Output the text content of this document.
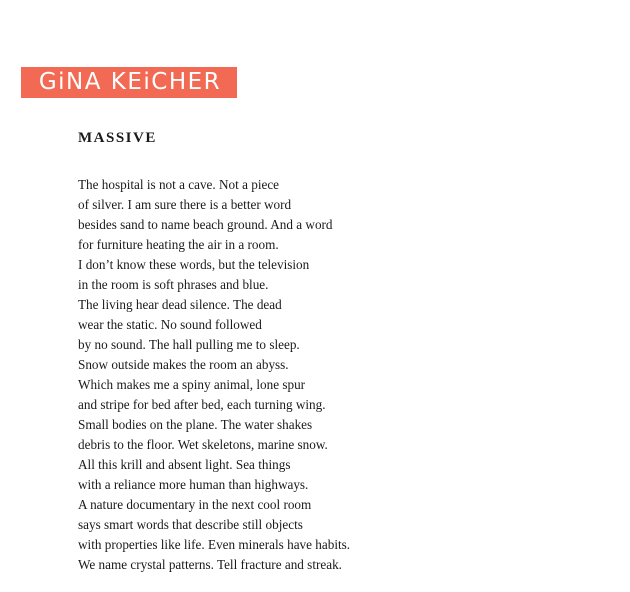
GiNA KEiCHER
MASSIVE
The hospital is not a cave. Not a piece
of silver. I am sure there is a better word
besides sand to name beach ground. And a word
for furniture heating the air in a room.
I don’t know these words, but the television
in the room is soft phrases and blue.
The living hear dead silence. The dead
wear the static. No sound followed
by no sound. The hall pulling me to sleep.
Snow outside makes the room an abyss.
Which makes me a spiny animal, lone spur
and stripe for bed after bed, each turning wing.
Small bodies on the plane. The water shakes
debris to the floor. Wet skeletons, marine snow.
All this krill and absent light. Sea things
with a reliance more human than highways.
A nature documentary in the next cool room
says smart words that describe still objects
with properties like life. Even minerals have habits.
We name crystal patterns. Tell fracture and streak.
